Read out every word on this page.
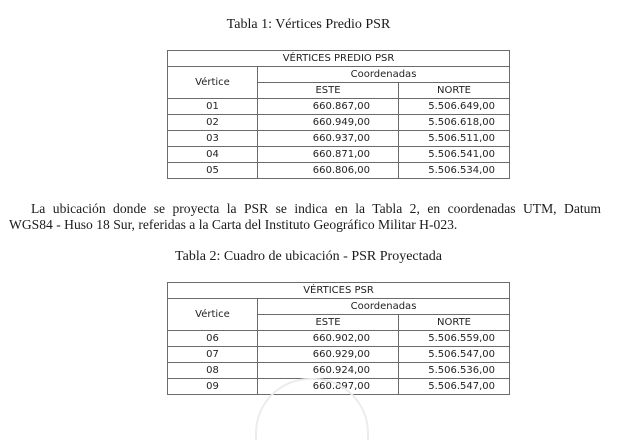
Tabla 1: Vértices Predio PSR
VÉRTICES PREDIO PSR		
Vértice	Coordenadas	
	ESTE	NORTE
01	660.867,00	5.506.649,00
02	660.949,00	5.506.618,00
03	660.937,00	5.506.511,00
04	660.871,00	5.506.541,00
05	660.806,00	5.506.534,00
La ubicación donde se proyecta la PSR se indica en la Tabla 2, en coordenadas UTM, Datum
WGS84 - Huso 18 Sur, referidas a la Carta del Instituto Geográfico Militar H-023.
Tabla 2: Cuadro de ubicación - PSR Proyectada
VÉRTICES PSR		
Vértice	Coordenadas	
	ESTE	NORTE
06	660.902,00	5.506.559,00
07	660.929,00	5.506.547,00
08	660.924,00	5.506.536,00
09	660.897,00	5.506.547,00
